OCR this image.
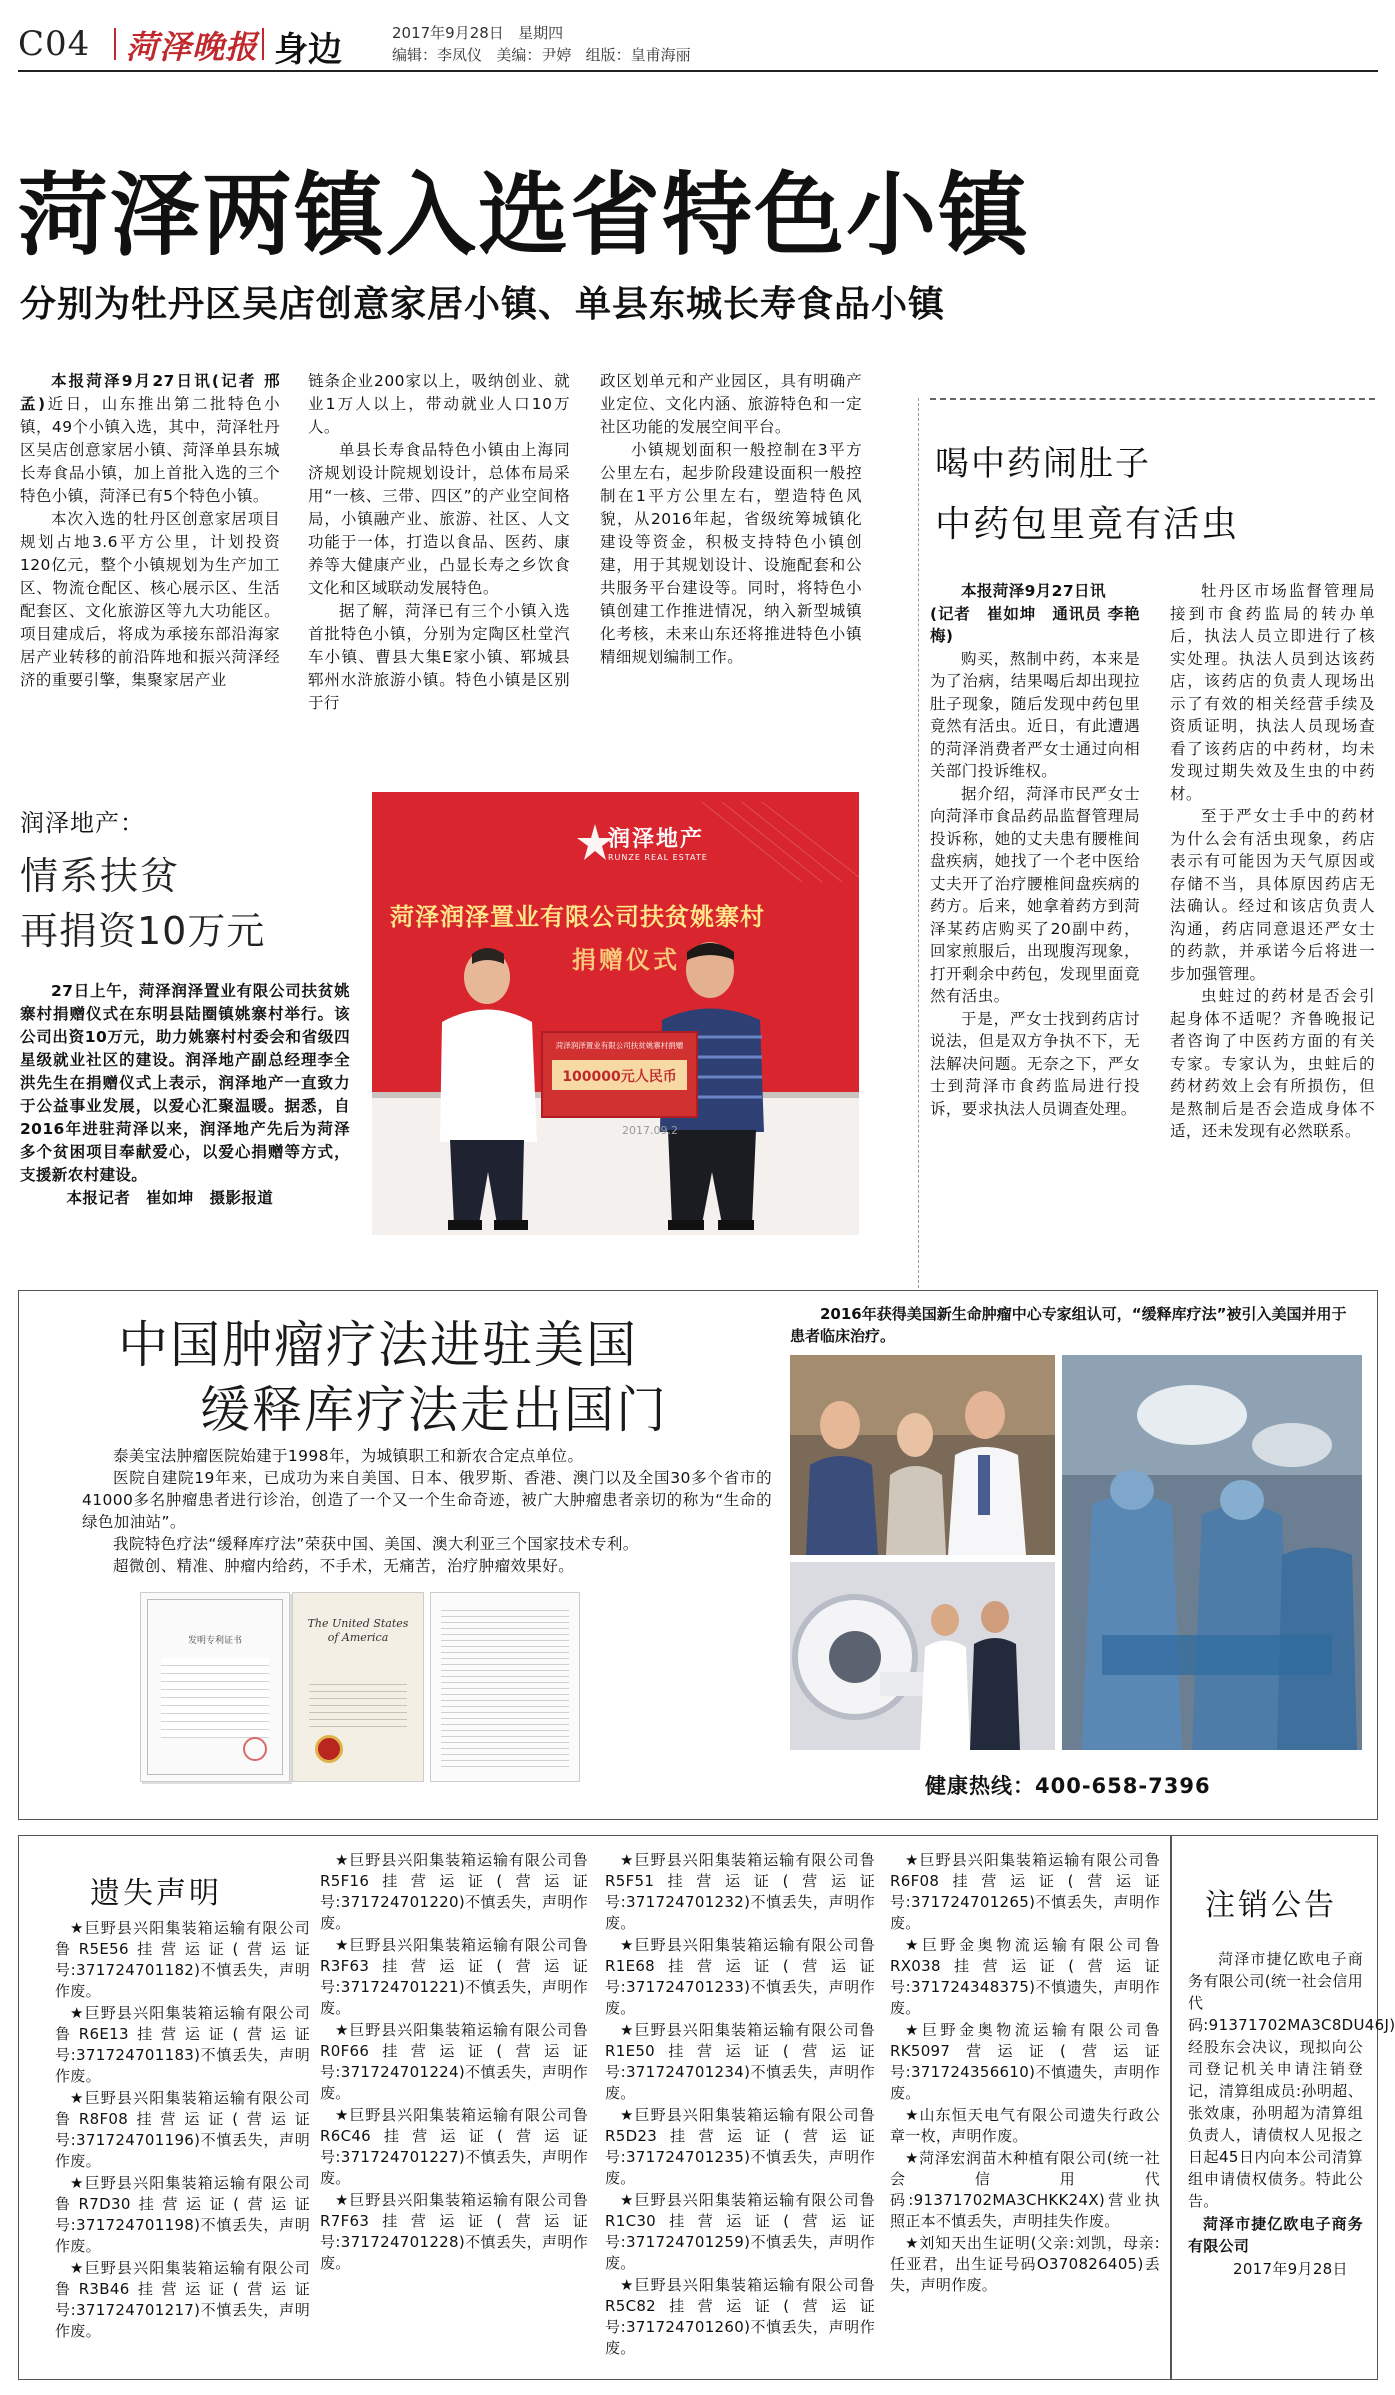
C04 菏泽晚报 身边	2017年9月28日 星期四
编辑：李凤仪 美编：尹婷 组版：皇甫海丽
菏泽两镇入选省特色小镇
分别为牡丹区吴店创意家居小镇、单县东城长寿食品小镇

本报菏泽9月27日讯(记者 邢孟)近日，山东推出第二批特色小镇，49个小镇入选，其中，菏泽牡丹区吴店创意家居小镇、菏泽单县东城长寿食品小镇，加上首批入选的三个特色小镇，菏泽已有5个特色小镇。

本次入选的牡丹区创意家居项目规划占地3.6平方公里，计划投资120亿元，整个小镇规划为生产加工区、物流仓配区、核心展示区、生活配套区、文化旅游区等九大功能区。项目建成后，将成为承接东部沿海家居产业转移的前沿阵地和振兴菏泽经济的重要引擎，集聚家居产业

链条企业200家以上，吸纳创业、就业1万人以上，带动就业人口10万人。

单县长寿食品特色小镇由上海同济规划设计院规划设计，总体布局采用“一核、三带、四区”的产业空间格局，小镇融产业、旅游、社区、人文功能于一体，打造以食品、医药、康养等大健康产业，凸显长寿之乡饮食文化和区域联动发展特色。

据了解，菏泽已有三个小镇入选首批特色小镇，分别为定陶区杜堂汽车小镇、曹县大集E家小镇、郓城县郓州水浒旅游小镇。特色小镇是区别于行

政区划单元和产业园区，具有明确产业定位、文化内涵、旅游特色和一定社区功能的发展空间平台。

小镇规划面积一般控制在3平方公里左右，起步阶段建设面积一般控制在1平方公里左右，塑造特色风貌，从2016年起，省级统筹城镇化建设等资金，积极支持特色小镇创建，用于其规划设计、设施配套和公共服务平台建设等。同时，将特色小镇创建工作推进情况，纳入新型城镇化考核，未来山东还将推进特色小镇精细规划编制工作。

喝中药闹肚子
中药包里竟有活虫

本报菏泽9月27日讯

(记者　崔如坤　通讯员 李艳梅)

购买，熬制中药，本来是为了治病，结果喝后却出现拉肚子现象，随后发现中药包里竟然有活虫。近日，有此遭遇的菏泽消费者严女士通过向相关部门投诉维权。

据介绍，菏泽市民严女士向菏泽市食品药品监督管理局投诉称，她的丈夫患有腰椎间盘疾病，她找了一个老中医给丈夫开了治疗腰椎间盘疾病的药方。后来，她拿着药方到菏泽某药店购买了20副中药，回家煎服后，出现腹泻现象，打开剩余中药包，发现里面竟然有活虫。

于是，严女士找到药店讨说法，但是双方争执不下，无法解决问题。无奈之下，严女士到菏泽市食药监局进行投诉，要求执法人员调查处理。

牡丹区市场监督管理局接到市食药监局的转办单后，执法人员立即进行了核实处理。执法人员到达该药店，该药店的负责人现场出示了有效的相关经营手续及资质证明，执法人员现场查看了该药店的中药材，均未发现过期失效及生虫的中药材。

至于严女士手中的药材为什么会有活虫现象，药店表示有可能因为天气原因或存储不当，具体原因药店无法确认。经过和该店负责人沟通，药店同意退还严女士的药款，并承诺今后将进一步加强管理。

虫蛀过的药材是否会引起身体不适呢？齐鲁晚报记者咨询了中医药方面的有关专家。专家认为，虫蛀后的药材药效上会有所损伤，但是熬制后是否会造成身体不适，还未发现有必然联系。

润泽地产：
情系扶贫
再捐资10万元

27日上午，菏泽润泽置业有限公司扶贫姚寨村捐赠仪式在东明县陆圈镇姚寨村举行。该公司出资10万元，助力姚寨村村委会和省级四星级就业社区的建设。润泽地产副总经理李全洪先生在捐赠仪式上表示，润泽地产一直致力于公益事业发展，以爱心汇聚温暖。据悉，自2016年进驻菏泽以来，润泽地产先后为菏泽多个贫困项目奉献爱心，以爱心捐赠等方式，支援新农村建设。

本报记者　崔如坤　摄影报道

润泽地产
RUNZE REAL ESTATE
菏泽润泽置业有限公司扶贫姚寨村
捐赠仪式
菏泽润泽置业有限公司扶贫姚寨村捐赠
100000元人民币
2017.09.2
中国肿瘤疗法进驻美国
缓释库疗法走出国门

泰美宝法肿瘤医院始建于1998年，为城镇职工和新农合定点单位。

医院自建院19年来，已成功为来自美国、日本、俄罗斯、香港、澳门以及全国30多个省市的41000多名肿瘤患者进行诊治，创造了一个又一个生命奇迹，被广大肿瘤患者亲切的称为“生命的绿色加油站”。

我院特色疗法“缓释库疗法”荣获中国、美国、澳大利亚三个国家技术专利。

超微创、精准、肿瘤内给药，不手术，无痛苦，治疗肿瘤效果好。

发明专利证书
The United States of America
2016年获得美国新生命肿瘤中心专家组认可，“缓释库疗法”被引入美国并用于患者临床治疗。
健康热线：400-658-7396
遗失声明

★巨野县兴阳集装箱运输有限公司鲁R5E56挂营运证(营运证号:371724701182)不慎丢失，声明作废。

★巨野县兴阳集装箱运输有限公司鲁R6E13挂营运证(营运证号:371724701183)不慎丢失，声明作废。

★巨野县兴阳集装箱运输有限公司鲁R8F08挂营运证(营运证号:371724701196)不慎丢失，声明作废。

★巨野县兴阳集装箱运输有限公司鲁R7D30挂营运证(营运证号:371724701198)不慎丢失，声明作废。

★巨野县兴阳集装箱运输有限公司鲁R3B46挂营运证(营运证号:371724701217)不慎丢失，声明作废。

★巨野县兴阳集装箱运输有限公司鲁R5F16挂营运证(营运证号:371724701220)不慎丢失，声明作废。

★巨野县兴阳集装箱运输有限公司鲁R3F63挂营运证(营运证号:371724701221)不慎丢失，声明作废。

★巨野县兴阳集装箱运输有限公司鲁R0F66挂营运证(营运证号:371724701224)不慎丢失，声明作废。

★巨野县兴阳集装箱运输有限公司鲁R6C46挂营运证(营运证号:371724701227)不慎丢失，声明作废。

★巨野县兴阳集装箱运输有限公司鲁R7F63挂营运证(营运证号:371724701228)不慎丢失，声明作废。

★巨野县兴阳集装箱运输有限公司鲁R5F51挂营运证(营运证号:371724701232)不慎丢失，声明作废。

★巨野县兴阳集装箱运输有限公司鲁R1E68挂营运证(营运证号:371724701233)不慎丢失，声明作废。

★巨野县兴阳集装箱运输有限公司鲁R1E50挂营运证(营运证号:371724701234)不慎丢失，声明作废。

★巨野县兴阳集装箱运输有限公司鲁R5D23挂营运证(营运证号:371724701235)不慎丢失，声明作废。

★巨野县兴阳集装箱运输有限公司鲁R1C30挂营运证(营运证号:371724701259)不慎丢失，声明作废。

★巨野县兴阳集装箱运输有限公司鲁R5C82挂营运证(营运证号:371724701260)不慎丢失，声明作废。

★巨野县兴阳集装箱运输有限公司鲁R6F08挂营运证(营运证号:371724701265)不慎丢失，声明作废。

★巨野金奥物流运输有限公司鲁RX038挂营运证(营运证号:371724348375)不慎遗失，声明作废。

★巨野金奥物流运输有限公司鲁RK5097营运证(营运证号:371724356610)不慎遗失，声明作废。

★山东恒天电气有限公司遗失行政公章一枚，声明作废。

★菏泽宏润苗木种植有限公司(统一社会信用代码:91371702MA3CHKK24X)营业执照正本不慎丢失，声明挂失作废。

★刘知天出生证明(父亲:刘凯，母亲:任亚君，出生证号码O370826405)丢失，声明作废。

注销公告

菏泽市捷亿欧电子商务有限公司(统一社会信用代码:91371702MA3C8DU46J)经股东会决议，现拟向公司登记机关申请注销登记，清算组成员:孙明超、张效康，孙明超为清算组负责人，请债权人见报之日起45日内向本公司清算组申请债权债务。特此公告。

菏泽市捷亿欧电子商务有限公司

2017年9月28日
